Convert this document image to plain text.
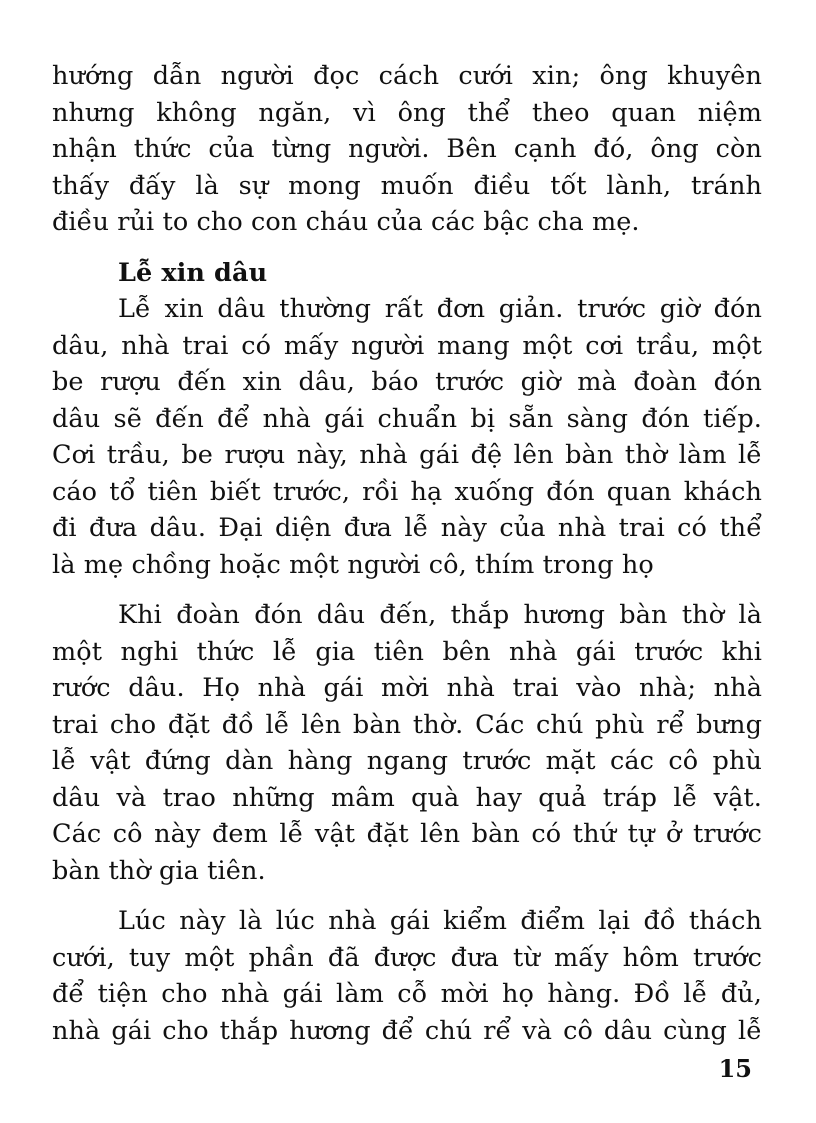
hướng dẫn người đọc cách cưới xin; ông khuyên
nhưng không ngăn, vì ông thể theo quan niệm
nhận thức của từng người. Bên cạnh đó, ông còn
thấy đấy là sự mong muốn điều tốt lành, tránh
điều rủi to cho con cháu của các bậc cha mẹ.
Lễ xin dâu
Lễ xin dâu thường rất đơn giản. trước giờ đón
dâu, nhà trai có mấy người mang một cơi trầu, một
be rượu đến xin dâu, báo trước giờ mà đoàn đón
dâu sẽ đến để nhà gái chuẩn bị sẵn sàng đón tiếp.
Cơi trầu, be rượu này, nhà gái đệ lên bàn thờ làm lễ
cáo tổ tiên biết trước, rồi hạ xuống đón quan khách
đi đưa dâu. Đại diện đưa lễ này của nhà trai có thể
là mẹ chồng hoặc một người cô, thím trong họ
Khi đoàn đón dâu đến, thắp hương bàn thờ là
một nghi thức lễ gia tiên bên nhà gái trước khi
rước dâu. Họ nhà gái mời nhà trai vào nhà; nhà
trai cho đặt đồ lễ lên bàn thờ. Các chú phù rể bưng
lễ vật đứng dàn hàng ngang trước mặt các cô phù
dâu và trao những mâm quà hay quả tráp lễ vật.
Các cô này đem lễ vật đặt lên bàn có thứ tự ở trước
bàn thờ gia tiên.
Lúc này là lúc nhà gái kiểm điểm lại đồ thách
cưới, tuy một phần đã được đưa từ mấy hôm trước
để tiện cho nhà gái làm cỗ mời họ hàng. Đồ lễ đủ,
nhà gái cho thắp hương để chú rể và cô dâu cùng lễ
15
